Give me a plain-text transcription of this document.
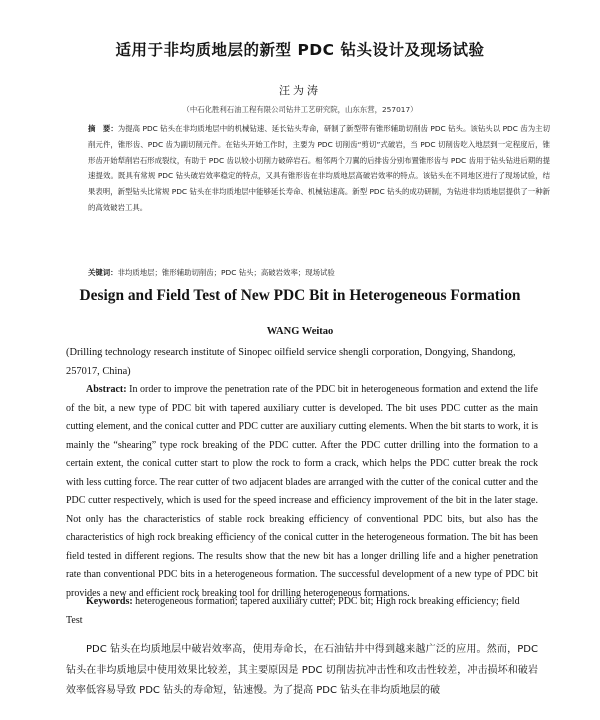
适用于非均质地层的新型 PDC 钻头设计及现场试验
汪为涛
（中石化胜利石油工程有限公司钻井工艺研究院，山东东营，257017）
摘　要：为提高 PDC 钻头在非均质地层中的机械钻速、延长钻头寿命，研制了新型带有锥形辅助切削齿 PDC 钻头。该钻头以 PDC 齿为主切削元件，锥形齿、PDC 齿为副切削元件。在钻头开始工作时，主要为 PDC 切削齿“剪切”式破岩，当 PDC 切削齿吃入地层到一定程度后，锥形齿开始犁削岩石形成裂纹，有助于 PDC 齿以较小切削力破碎岩石。相邻两个刀翼的后排齿分别布置锥形齿与 PDC 齿用于钻头钻进后期的提速提效。既具有常规 PDC 钻头破岩效率稳定的特点，又具有锥形齿在非均质地层高破岩效率的特点。该钻头在不同地区进行了现场试验，结果表明，新型钻头比常规 PDC 钻头在非均质地层中能够延长寿命、机械钻速高。新型 PDC 钻头的成功研制，为钻进非均质地层提供了一种新的高效破岩工具。
关键词：非均质地层；锥形辅助切削齿；PDC 钻头；高破岩效率；现场试验
Design and Field Test of New PDC Bit in Heterogeneous Formation
WANG Weitao
(Drilling technology research institute of Sinopec oilfield service shengli corporation, Dongying, Shandong, 257017, China)
Abstract: In order to improve the penetration rate of the PDC bit in heterogeneous formation and extend the life of the bit, a new type of PDC bit with tapered auxiliary cutter is developed. The bit uses PDC cutter as the main cutting element, and the conical cutter and PDC cutter are auxiliary cutting elements. When the bit starts to work, it is mainly the “shearing” type rock breaking of the PDC cutter. After the PDC cutter drilling into the formation to a certain extent, the conical cutter start to plow the rock to form a crack, which helps the PDC cutter break the rock with less cutting force. The rear cutter of two adjacent blades are arranged with the cutter of the conical cutter and the PDC cutter respectively, which is used for the speed increase and efficiency improvement of the bit in the later stage. Not only has the characteristics of stable rock breaking efficiency of conventional PDC bits, but also has the characteristics of high rock breaking efficiency of the conical cutter in the heterogeneous formation. The bit has been field tested in different regions. The results show that the new bit has a longer drilling life and a higher penetration rate than conventional PDC bits in a heterogeneous formation. The successful development of a new type of PDC bit provides a new and efficient rock breaking tool for drilling heterogeneous formations.
Keywords: heterogeneous formation; tapered auxiliary cutter; PDC bit; High rock breaking efficiency; field Test
PDC 钻头在均质地层中破岩效率高，使用寿命长，在石油钻井中得到越来越广泛的应用。然而，PDC 钻头在非均质地层中使用效果比较差，其主要原因是 PDC 切削齿抗冲击性和攻击性较差，冲击损坏和破岩效率低容易导致 PDC 钻头的寿命短，钻速慢。为了提高 PDC 钻头在非均质地层的破
